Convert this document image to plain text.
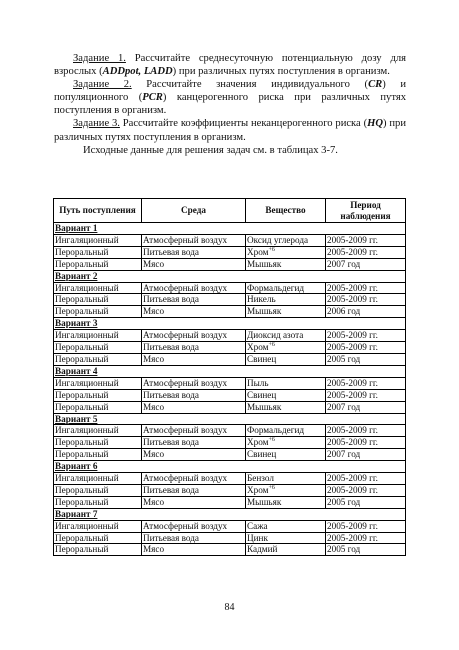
Задание 1. Рассчитайте среднесуточную потенциальную дозу для взрослых (ADDpot, LADD) при различных путях поступления в организм.

Задание 2. Рассчитайте значения индивидуального (CR) и популяционного (PCR) канцерогенного риска при различных путях поступления в организм.

Задание 3. Рассчитайте коэффициенты неканцерогенного риска (HQ) при различных путях поступления в организм.

Исходные данные для решения задач см. в таблицах 3-7.

Путь поступления	Среда	Вещество	Период наблюдения
Вариант 1			
Ингаляционный	Атмосферный воздух	Оксид углерода	2005-2009 гг.
Пероральный	Питьевая вода	Хром$^{+6}$	2005-2009 гг.
Пероральный	Мясо	Мышьяк	2007 год
Вариант 2			
Ингаляционный	Атмосферный воздух	Формальдегид	2005-2009 гг.
Пероральный	Питьевая вода	Никель	2005-2009 гг.
Пероральный	Мясо	Мышьяк	2006 год
Вариант 3			
Ингаляционный	Атмосферный воздух	Диоксид азота	2005-2009 гг.
Пероральный	Питьевая вода	Хром$^{+6}$	2005-2009 гг.
Пероральный	Мясо	Свинец	2005 год
Вариант 4			
Ингаляционный	Атмосферный воздух	Пыль	2005-2009 гг.
Пероральный	Питьевая вода	Свинец	2005-2009 гг.
Пероральный	Мясо	Мышьяк	2007 год
Вариант 5			
Ингаляционный	Атмосферный воздух	Формальдегид	2005-2009 гг.
Пероральный	Питьевая вода	Хром$^{+6}$	2005-2009 гг.
Пероральный	Мясо	Свинец	2007 год
Вариант 6			
Ингаляционный	Атмосферный воздух	Бензол	2005-2009 гг.
Пероральный	Питьевая вода	Хром$^{+6}$	2005-2009 гг.
Пероральный	Мясо	Мышьяк	2005 год
Вариант 7			
Ингаляционный	Атмосферный воздух	Сажа	2005-2009 гг.
Пероральный	Питьевая вода	Цинк	2005-2009 гг.
Пероральный	Мясо	Кадмий	2005 год
84
